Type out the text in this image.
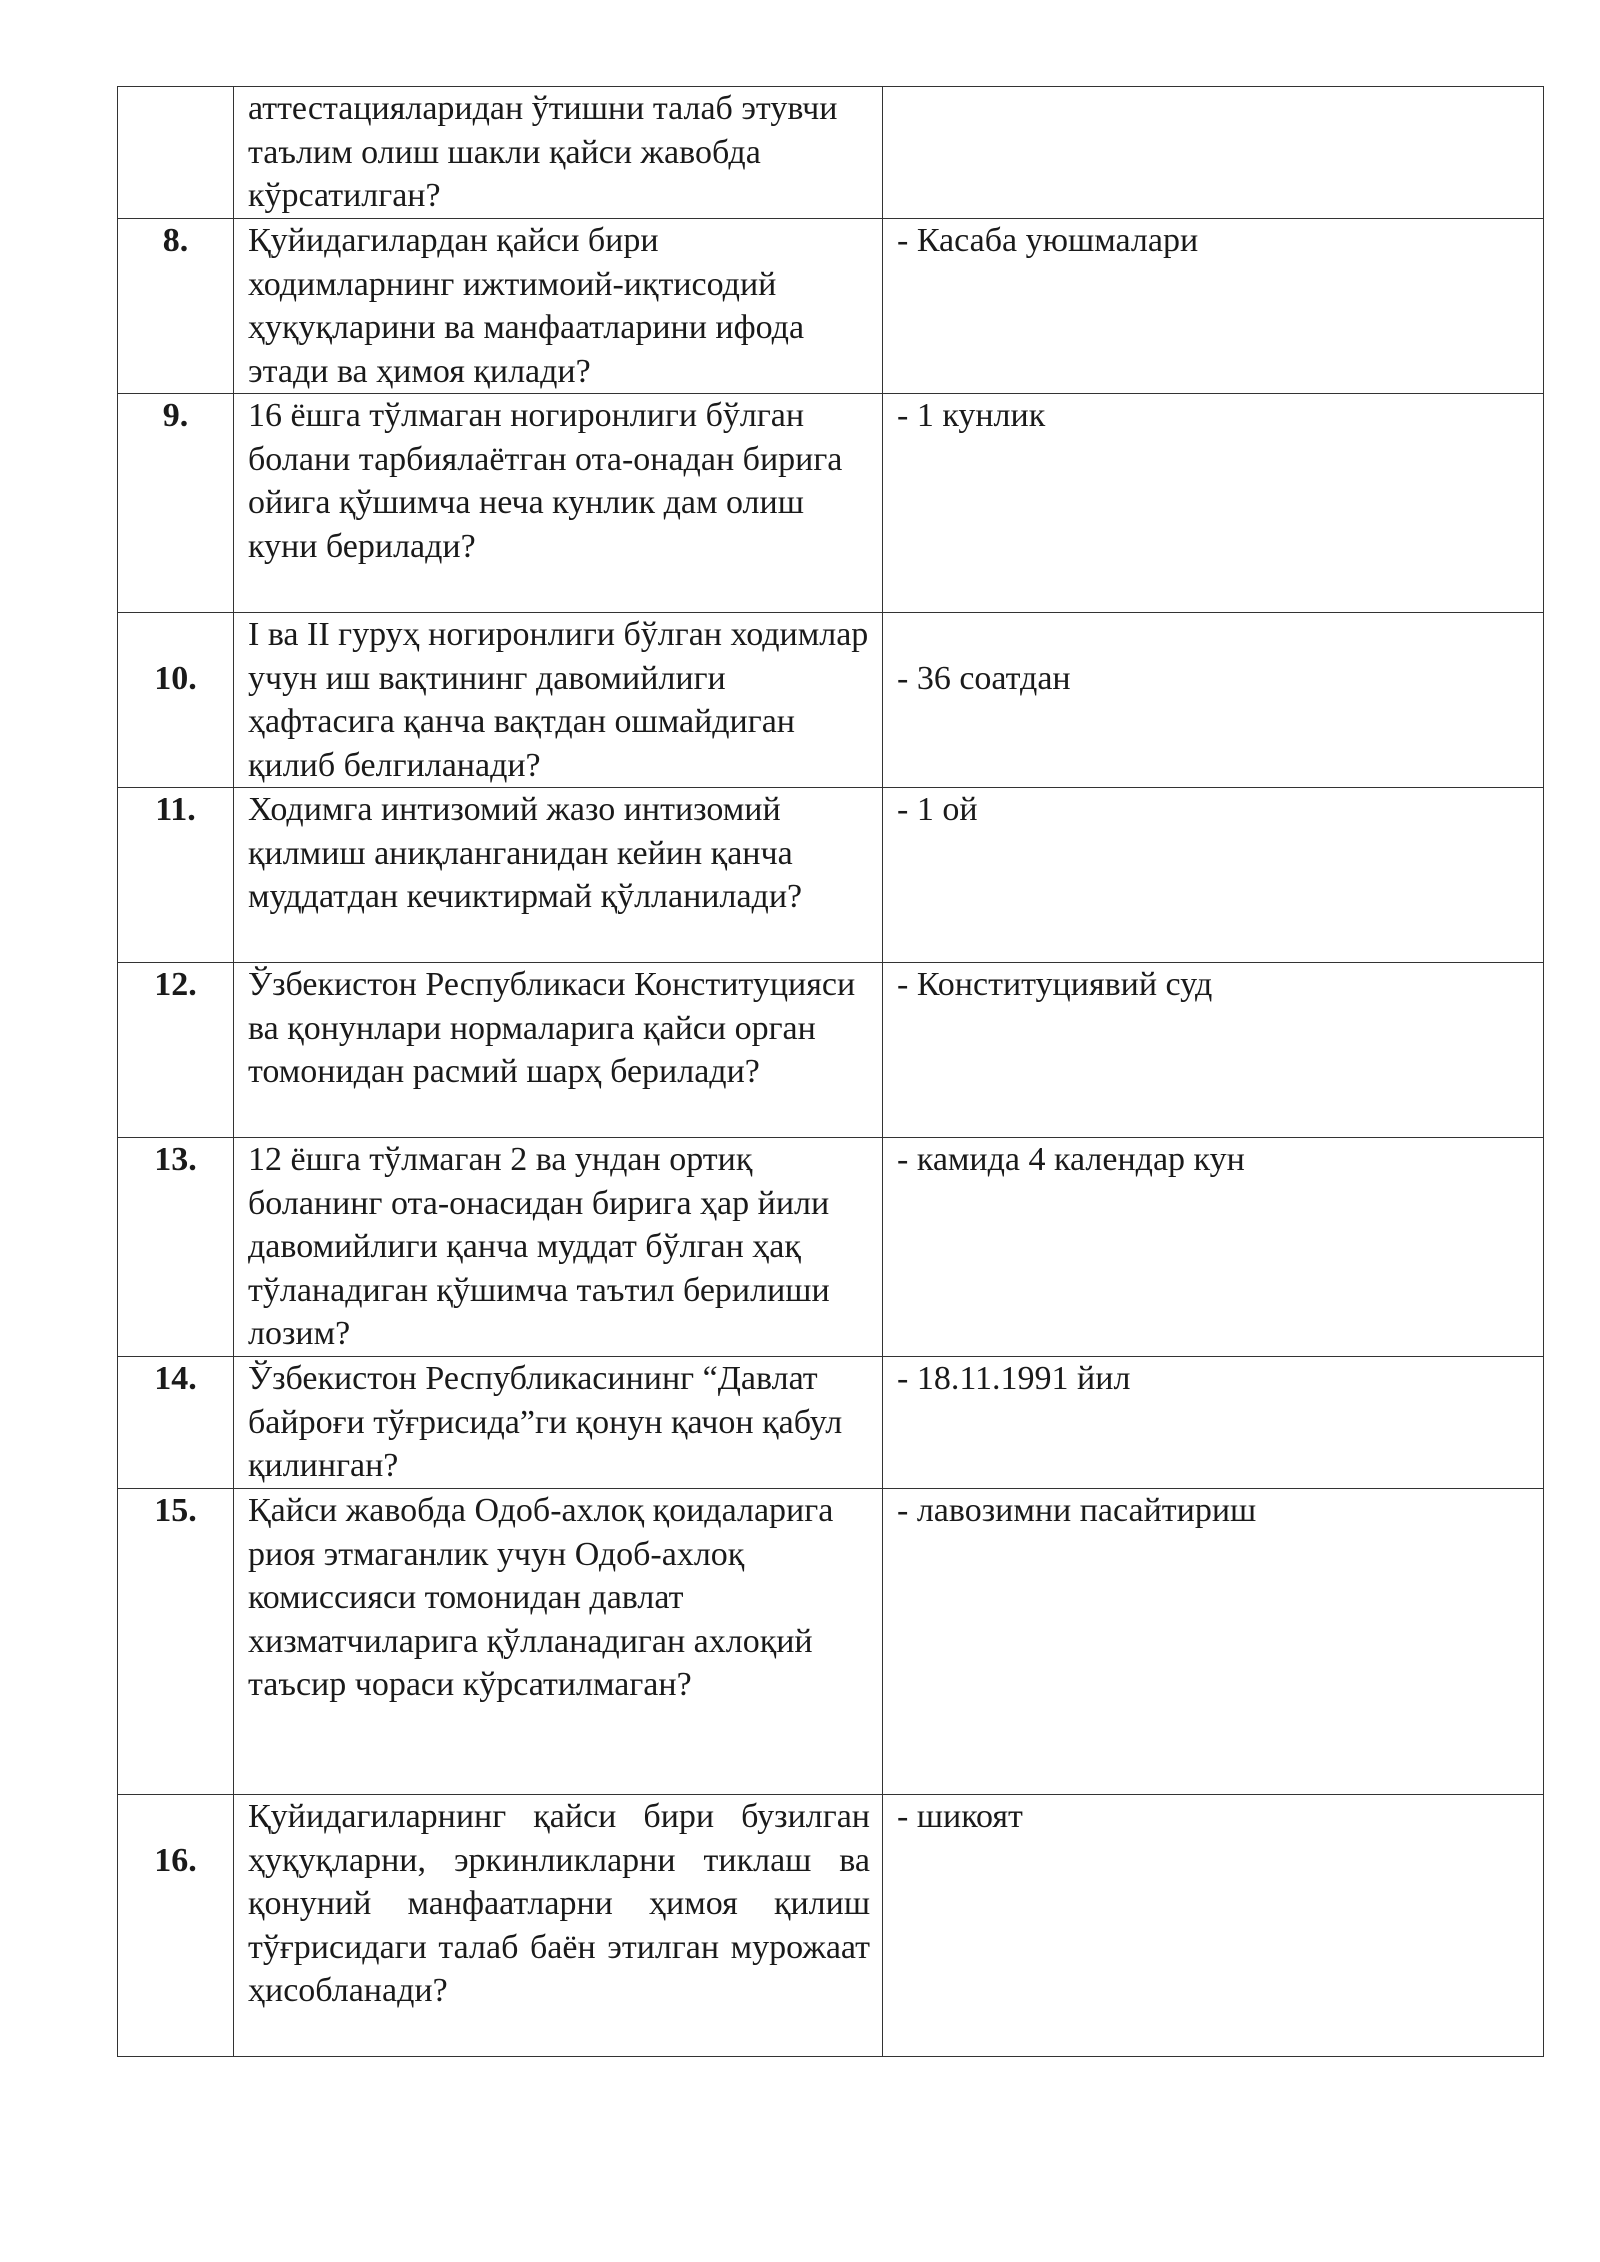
	аттестацияларидан ўтишни талаб этувчи таълим олиш шакли қайси жавобда кўрсатилган?	

8.	Қуйидагилардан қайси бири ходимларнинг ижтимоий-иқтисодий ҳуқуқларини ва манфаатларини ифода этади ва ҳимоя қилади?	- Касаба уюшмалари

9.	16 ёшга тўлмаган ногиронлиги бўлган болани тарбиялаётган ота-онадан бирига ойига қўшимча неча кунлик дам олиш куни берилади?	- 1 кунлик

10.	I ва II гуруҳ ногиронлиги бўлган ходимлар учун иш вақтининг давомийлиги ҳафтасига қанча вақтдан ошмайдиган қилиб белгиланади?	- 36 соатдан

11.	Ходимга интизомий жазо интизомий қилмиш аниқланганидан кейин қанча муддатдан кечиктирмай қўлланилади?	- 1 ой

12.	Ўзбекистон Республикаси Конституцияси ва қонунлари нормаларига қайси орган томонидан расмий шарҳ берилади?	- Конституциявий суд

13.	12 ёшга тўлмаган 2 ва ундан ортиқ боланинг ота-онасидан бирига ҳар йили давомийлиги қанча муддат бўлган ҳақ тўланадиган қўшимча таътил берилиши лозим?	- камида 4 календар кун

14.	Ўзбекистон Республикасининг “Давлат байроғи тўғрисида”ги қонун қачон қабул қилинган?	- 18.11.1991 йил

15.	Қайси жавобда Одоб-ахлоқ қоидаларига риоя этмаганлик учун Одоб-ахлоқ комиссияси томонидан давлат хизматчиларига қўлланадиган ахлоқий таъсир чораси кўрсатилмаган?	- лавозимни пасайтириш

16.	Қуйидагиларнинг қайси бири бузилган ҳуқуқларни, эркинликларни тиклаш ва қонуний манфаатларни ҳимоя қилиш тўғрисидаги талаб баён этилган мурожаат ҳисобланади?	- шикоят
